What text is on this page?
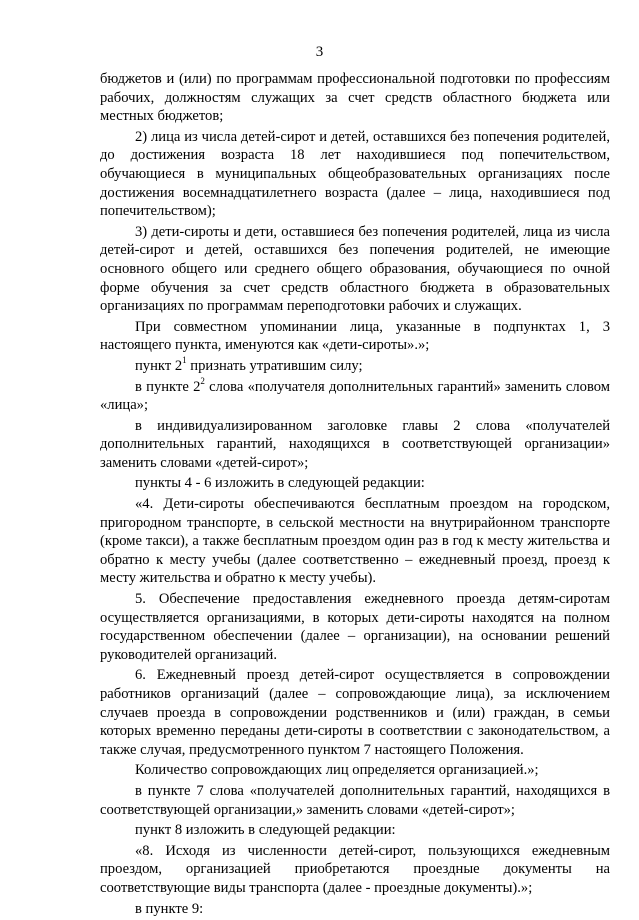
3

бюджетов и (или) по программам профессиональной подготовки по профессиям рабочих, должностям служащих за счет средств областного бюджета или местных бюджетов;

2) лица из числа детей-сирот и детей, оставшихся без попечения родителей, до достижения возраста 18 лет находившиеся под попечительством, обучающиеся в муниципальных общеобразовательных организациях после достижения восемнадцатилетнего возраста (далее – лица, находившиеся под попечительством);

3) дети-сироты и дети, оставшиеся без попечения родителей, лица из числа детей-сирот и детей, оставшихся без попечения родителей, не имеющие основного общего или среднего общего образования, обучающиеся по очной форме обучения за счет средств областного бюджета в образовательных организациях по программам переподготовки рабочих и служащих.

При совместном упоминании лица, указанные в подпунктах 1, 3 настоящего пункта, именуются как «дети-сироты».»;

пункт $2^1$ признать утратившим силу;

в пункте $2^2$ слова «получателя дополнительных гарантий» заменить словом «лица»;

в индивидуализированном заголовке главы 2 слова «получателей дополнительных гарантий, находящихся в соответствующей организации» заменить словами «детей-сирот»;

пункты 4 - 6 изложить в следующей редакции:

«4. Дети-сироты обеспечиваются бесплатным проездом на городском, пригородном транспорте, в сельской местности на внутрирайонном транспорте (кроме такси), а также бесплатным проездом один раз в год к месту жительства и обратно к месту учебы (далее соответственно – ежедневный проезд, проезд к месту жительства и обратно к месту учебы).

5. Обеспечение предоставления ежедневного проезда детям-сиротам осуществляется организациями, в которых дети-сироты находятся на полном государственном обеспечении (далее – организации), на основании решений руководителей организаций.

6. Ежедневный проезд детей-сирот осуществляется в сопровождении работников организаций (далее – сопровождающие лица), за исключением случаев проезда в сопровождении родственников и (или) граждан, в семьи которых временно переданы дети-сироты в соответствии с законодательством, а также случая, предусмотренного пунктом 7 настоящего Положения.

Количество сопровождающих лиц определяется организацией.»;

в пункте 7 слова «получателей дополнительных гарантий, находящихся в соответствующей организации,» заменить словами «детей-сирот»;

пункт 8 изложить в следующей редакции:

«8. Исходя из численности детей-сирот, пользующихся ежедневным проездом, организацией приобретаются проездные документы на соответствующие виды транспорта (далее - проездные документы).»;

в пункте 9:
